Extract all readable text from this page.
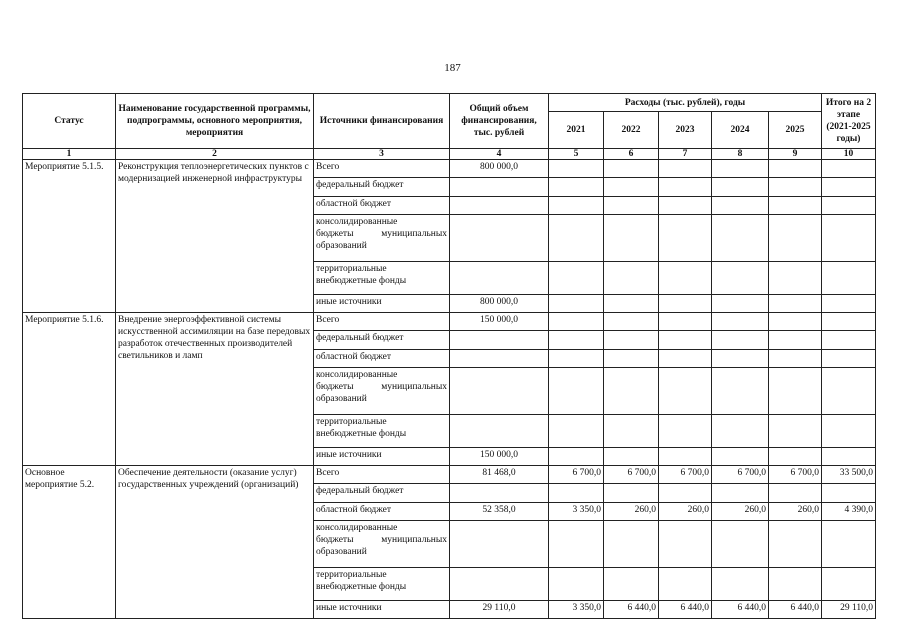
187
Статус	Наименование государственной программы, подпрограммы, основного мероприятия, мероприятия	Источники финансирования	Общий объем финансирования, тыс. рублей	Расходы (тыс. рублей), годы					Итого на 2 этапе (2021-2025 годы)
				2021	2022	2023	2024	2025	
1	2	3	4	5	6	7	8	9	10
Мероприятие 5.1.5.	Реконструкция теплоэнергетических пунктов с модернизацией инженерной инфраструктуры	Всего	800 000,0						

		федеральный бюджет							

		областной бюджет							

		консолидированные
бюджеты муниципальных
образований							

		территориальные
внебюджетные фонды							

		иные источники	800 000,0						
Мероприятие 5.1.6.	Внедрение энергоэффективной системы искусственной ассимиляции на базе передовых разработок отечественных производителей светильников и ламп	Всего	150 000,0						

		федеральный бюджет							

		областной бюджет							

		консолидированные
бюджеты муниципальных
образований							

		территориальные
внебюджетные фонды							

		иные источники	150 000,0						
Основное мероприятие 5.2.	Обеспечение деятельности (оказание услуг) государственных учреждений (организаций)	Всего	81 468,0	6 700,0	6 700,0	6 700,0	6 700,0	6 700,0	33 500,0

		федеральный бюджет							

		областной бюджет	52 358,0	3 350,0	260,0	260,0	260,0	260,0	4 390,0

		консолидированные
бюджеты муниципальных
образований							

		территориальные
внебюджетные фонды							

		иные источники	29 110,0	3 350,0	6 440,0	6 440,0	6 440,0	6 440,0	29 110,0
